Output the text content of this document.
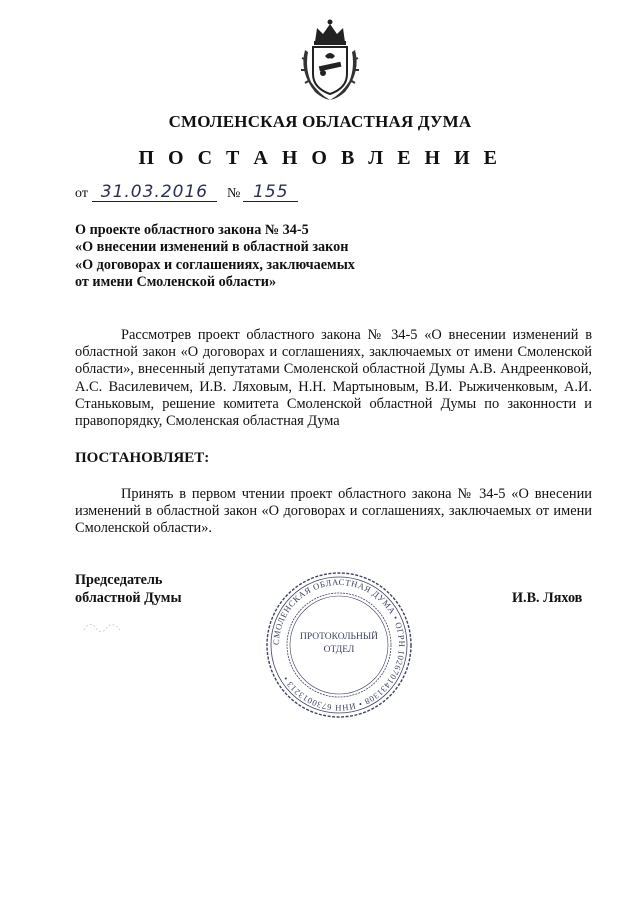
СМОЛЕНСКАЯ ОБЛАСТНАЯ ДУМА
П О С Т А Н О В Л Е Н И Е
от 31.03.2016 № 155
О проекте областного закона № 34-5
«О внесении изменений в областной закон
«О договорах и соглашениях, заключаемых
от имени Смоленской области»
Рассмотрев проект областного закона № 34-5 «О внесении изменений в областной закон «О договорах и соглашениях, заключаемых от имени Смоленской области», внесенный депутатами Смоленской областной Думы А.В. Андреенковой, А.С. Василевичем, И.В. Ляховым, Н.Н. Мартыновым, В.И. Рыжиченковым, А.И. Станьковым, решение комитета Смоленской областной Думы по законности и правопорядку, Смоленская областная Дума
ПОСТАНОВЛЯЕТ:
Принять в первом чтении проект областного закона № 34-5 «О внесении изменений в областной закон «О договорах и соглашениях, заключаемых от имени Смоленской области».
Председатель
областной Думы
СМОЛЕНСКАЯ ОБЛАСТНАЯ ДУМА • ОГРН 1026701431308 • ИНН 6730013213 •
ПРОТОКОЛЬНЫЙ
ОТДЕЛ
И.В. Ляхов
